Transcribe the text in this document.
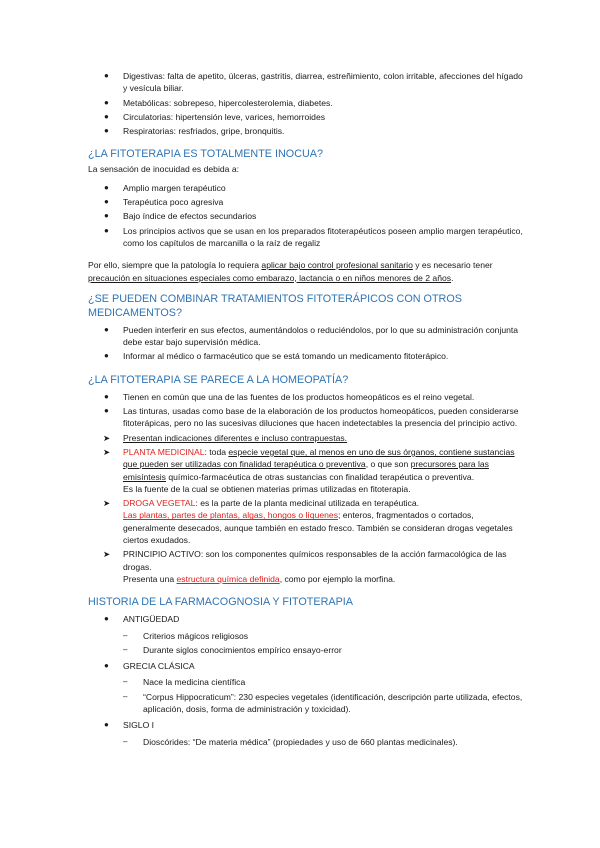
● Digestivas: falta de apetito, úlceras, gastritis, diarrea, estreñimiento, colon irritable, afecciones del hígado y vesícula biliar.
● Metabólicas: sobrepeso, hipercolesterolemia, diabetes.
● Circulatorias: hipertensión leve, varices, hemorroides
● Respiratorias: resfriados, gripe, bronquitis.
¿LA FITOTERAPIA ES TOTALMENTE INOCUA?
La sensación de inocuidad es debida a:
● Amplio margen terapéutico
● Terapéutica poco agresiva
● Bajo índice de efectos secundarios
● Los principios activos que se usan en los preparados fitoterapéuticos poseen amplio margen terapéutico, como los capítulos de marcanilla o la raíz de regaliz
Por ello, siempre que la patología lo requiera aplicar bajo control profesional sanitario y es necesario tener precaución en situaciones especiales como embarazo, lactancia o en niños menores de 2 años.
¿SE PUEDEN COMBINAR TRATAMIENTOS FITOTERÁPICOS CON OTROS MEDICAMENTOS?
● Pueden interferir en sus efectos, aumentándolos o reduciéndolos, por lo que su administración conjunta debe estar bajo supervisión médica.
● Informar al médico o farmacéutico que se está tomando un medicamento fitoterápico.
¿LA FITOTERAPIA SE PARECE A LA HOMEOPATÍA?
● Tienen en común que una de las fuentes de los productos homeopáticos es el reino vegetal.
● Las tinturas, usadas como base de la elaboración de los productos homeopáticos, pueden considerarse fitoterápicas, pero no las sucesivas diluciones que hacen indetectables la presencia del principio activo.
➤ Presentan indicaciones diferentes e incluso contrapuestas.
➤ PLANTA MEDICINAL: toda especie vegetal que, al menos en uno de sus órganos, contiene sustancias que pueden ser utilizadas con finalidad terapéutica o preventiva, o que son precursores para las emisíntesis químico-farmacéutica de otras sustancias con finalidad terapéutica o preventiva.
Es la fuente de la cual se obtienen materias primas utilizadas en fitoterapia.
➤ DROGA VEGETAL: es la parte de la planta medicinal utilizada en terapéutica.
Las plantas, partes de plantas, algas, hongos o líquenes; enteros, fragmentados o cortados, generalmente desecados, aunque también en estado fresco. También se consideran drogas vegetales ciertos exudados.
➤ PRINCIPIO ACTIVO: son los componentes químicos responsables de la acción farmacológica de las drogas.
Presenta una estructura química definida, como por ejemplo la morfina.
HISTORIA DE LA FARMACOGNOSIA Y FITOTERAPIA
● ANTIGÜEDAD
– Criterios mágicos religiosos
– Durante siglos conocimientos empírico ensayo-error
● GRECIA CLÁSICA
– Nace la medicina científica
– “Corpus Hippocraticum”: 230 especies vegetales (identificación, descripción parte utilizada, efectos, aplicación, dosis, forma de administración y toxicidad).
● SIGLO I
– Dioscórides: “De materia médica” (propiedades y uso de 660 plantas medicinales).
